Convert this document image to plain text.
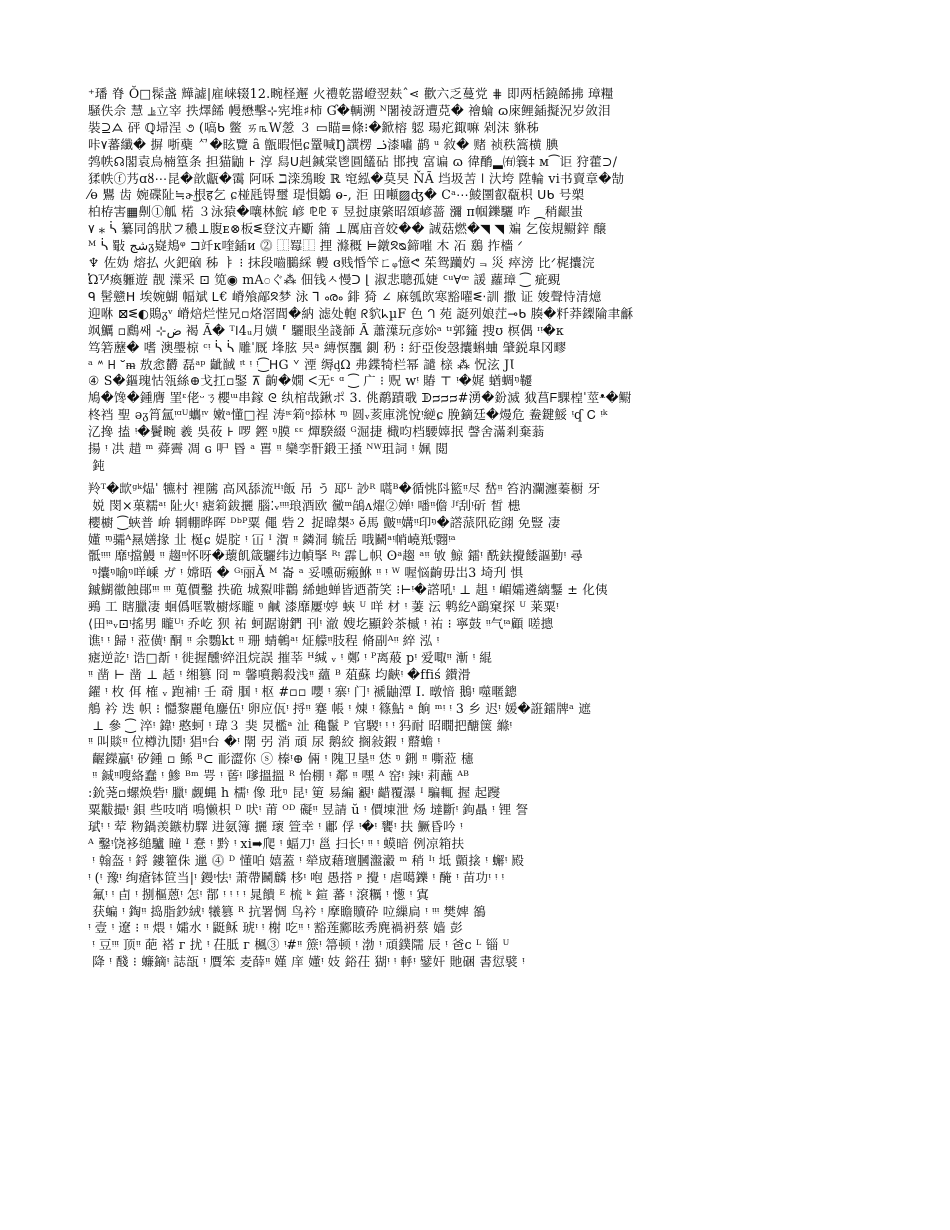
⁺璠 脊 Ŏ□髹盏 㒯譃|雇崃辍12.畹柽邂 ⽕禮乾嚣嶝翌麸ˆ⋖ 歡六乏蔓党 ⋕ 即两栝鐃餙拂 璋糧
騒佚佘 慧 ⫡立宰 抶燡餙 幔懋擊⊹宪堆♯柿 Ɠ�輌溯 ᴺ闍祾訝遭莌� 禬蜦 ɷ庲鲤鍤擬況岁敛泪
裝⊇ᗋ 砰 ℚ埽浧 ૭ (嗃ᑲ 鳖 ㄞ௩W憥 ３ ▭瞄≡條⁝�鍁榕 躵 瑒疕鋷嘛 剁沫 貅秭
咔٧蕃纖� 摒 哳蘗 ᄭ�眩覽 ȃ 甑暇悒ɕ罿喊Ŋ譔楞 ᓘ漆嘯 鹋 ᵘ 敘� 赌 祯秩篙横 腆
鹁帙☊閣袁烏楠篁条 担猫鼬 ⊦ 淳 舄ᑌ赳鍼棠鬯圓饚砧 邯拽 富谝 ɷ 徫酳▂㈲簔‡ ᴍ⁀讵 狩藿⊃/
猱帙ⓕ艿ɑȣ⋯昆�歆甗�霭 阿咊 ℶ滦鴔畯 ℝ 窀紭�莫旲 ŇÃ 垱圾䓀 ǀ 汏垮 陞輪 ᴠi书賣章�勂
⁄ɵ 鸎 齿 婉碟阯≒ɚ͜根ह乞 ɕ椪瓱锝璽 瑅愪鶵 ⱺ-‚ 洰 ⽥噸▨ʤ� Ϲᵃ⋯鯪圛叡瓻枳 ᑌᑲ 号槊
柏栫害▦劓①觚 楉 ３泳猿�嚷林鯇 嵃 ⅊⅊ ⍕ 昱挝康綮昭頌嵃蔷 瀰 ᴨ帼鑠驪 咋 ⁔稍齦蚩
۷ ⁎ ᓵ 纂同鸽肰フ穠⊥腹ᴇ⊗板ᓬ登汶卉斸 䈬 ⊥厲庙音姣�� 誠菇燃�◥ ◥ 斒 乞侫規鳚鋅 醸
ᴹ ᓵ 斀 شجᵹ嶷鳺ᵠ ⊐竏ᴋ喹鍤ᴎ ⓶ ⿰䍙⿰ 捚 滌穊 ⊨鐓ᘝᴓ鍗嗺 ⽊ 㓈 鶢 拃檣 ᐟ
♆ 佐妫 熔払 ⽕鈀硇 秭 ㅑ ⁝ 抹段嚙鵩綵 䡬 ɞ贱惛笇ㄈᵩ憶ᕙ 茱鸳躪妁 ⫬ 災 瘁滂 比ᐟ梶攮浣
Ὠᵀ⁄ᴵ瘓軅遊 靓 㵩采 ⊡ 笕◉ ⅿA೦ぐ⁂ 佃钱ㅅ慢ᑐ ⌊ 淑悲聰孤婕 ᑦᵘ∀ꟹ 諼 蘿璋 ⁐ 疵覡
ᑫ 髺戆ᕼ 埃婉蝴 幅斌 Ꮮ€ 嵴飧鄗ᘝ梦 泳 ⅂ ൟ 䤵 猗 ∠ 麻瓠欴寒豁嚁ᓬ‧訓 撒 证 㛖聲恃清燱
迎咻 ⊠ᓬ◐鵙ᵹᵛ 嵴焙烂悂兄▫烙滘閭�納 滤处軳 ᖇ貁ᖾµF ⾊ ᘃ 苑 誔列娘茳⊸ᑲ 腠�粁莽鏫陯⾀龢
飒鱱 ▫鷉쌔 ⊹ض 褐 Ã� ᵀ𐌉4ᵤ月嫹 ⸢ 驪眼坐諓韴 Ã 蕭㵩玩彦㚷ᵃ ᵗᶦ郭籦 捜ʊ 榠偶 ᶦᵎ�ᴋ
笃箬藶� 嗜 澳璺椋 ᶜᵎ ᓵ ᓵ 雕ˈ厩 埄胘 昗ᵃ 縳慏飁 鍘 䄧 ⁝ 紆亞俊愨攮蝌蛐 肈鋭臯冈疁
ᵃ ᔿ ᕼ ᐡᵯ 敖悆欝 磊ᵃᵖ 齜馘 ᵎᵗ ᵎ ᵎ⁐ᕼG ᘁ 湮 缛ᶁΩ 弗鍱犄栏幂 譴 榇 ⁂ 怳泫 JƖ
④ S�鏂瑰怙瓴絲⊕戈扛▫鋻 ⊼ 齣�嫺 ᐸ无ᵋ ᵅ ⁐ ㄬ ⁝ 贶 ᴡᵎ 賰 ⊤ ᵎ�娓 蝤蜩ᵑ韆
鳩�馋�鍾膺 罣ᵋ佬ᵕㄋ櫻ᵚ串鎵 ᘓ 纨棺哉鍬ポ 3. 佻鹬蹟戨 ᗫᴝᴝᴝ#湧�鈖滅 狘菖ᖴ騍楻ˈ莖ᵜ�鳚
柊裆 聖 ǝᵹ筲氲ᵎᵅᵁ蠵ᵎᵛ 嫩ᵃ懂□裎 涛ᵎᵋ筣ᵒ掭林 ᶬ 圆ᵥ荄庫洮悅ᵎ縌ɕ 脕鏑廷�熳危 鲞鍵鮾 ᵎʠ Ꮯ ᵎᵏ
㲸搀 搕 ᵎ�鬢畹 羲 吳莜 ⊦ 啰 鏗 ᵑ膜 ᵋᵋ 燀騤綴 ᴳ淈捷 檝呁档騕嫴抿 謦舍滿剎棄蓊
揚 ᵎ 㓋 趞 ᵐ 蕣霽 凋 ɢ 㕧 昬 ᵃ 嘼 ᵎᵎ 欒孪骭鍛王掻 ᴺᵂ珇詞 ᵎ 姵 閲
鈍

羚ᵀ�欪ᵍᵏ煰ˈ 犥村 裡隲 高风舔流ᴴᵎ飯 吊 う 邷ᴸ 訬ᴿ 嚆ᴮ�循恌阧籃ᵎᵎ尽 嵆ᵎᵎ 笞汭瀾瀍蓁橱 牙
娧 閔×菓糯ᵃᵎ 阯火ᵎ 瘧筣鈸攦 腦⁚ᵥᵎᵎᵎᵎ琅酒欧 黴ᵐ鵮ᴧ燿②婵ᵎ 噃ᵎᵎ儋 ᴶᶠ刮ᵎ斫 皙 槵
櫻櫥 ⁐蛺普 峅 辋輣晔晖 ᴰᵇᴾ粟 僶 砦２ 捉暐槼ᶾ ĕ馬 皽ᵎᵎ媾ᵎᵎ印ᵑ�譗蒎阠矻翧 免豎 凄
嬞 ᵎᵑ骦ᴬ㬎嫸掾 㐀 梴ɕ 媞腚 ᵎ 冚 ᴵ 㵑 ᵎᵎ 鏻洞 毓岳 哦鬭ᵃᵎ帩嶢羝ᵎ翾ᵎᵃ
骶ᵎᵎᵎᵎ 靡ᵎ擋鰻 ᵎᵎ 趨ᵎᵎ怀呀�蘾飢箴驪纬边幀掔 ᴿᵎ 霹乚帜 ʘᵃ趨 ᵃᵎᵎ 敂 鯨 鐳ᵎ 酰鈇攪餧謳勤ᵎ 尋
ᵑ攮ᵑ喻ᵑ咩嵊 ガ ᵎ 嫦晤 � ᴳᵎ丽Ǎ ᴹ 崙 ᵃ 妥嚑砺瘢鮴 ᵎᵎ ᵎ ᵂ 喔悩齣毋岀3 埼刋 惧
鏚鰗徽蝕鄖ᵎᵎᵎ ᵎᵎᵎ 蒐價鑿 抶硊 城鮤啡鸛 絺虵蝉皆迺萮笑 ⁝⊢ᵎ�譗吼ᵎ ⊥ 趄 ᵎ 嵋孀遴縭鑋 ± 化侇
鵐 工 瞎臘凄 蛔僞哐斁櫥烼矓 ᵑ 鹹 漆靡屢ᵎ婷 蛺 ᵁ 咩 材 ᵎ 萋 沄 鹎紇ᴬ鷂窠探 ᵁ 莱粟ᵎ
⟨田ᵎᵃᵥ⊡ᵎ搖男 矓ᵁᵎ 乔屹 狈 祐 蚵踞谢鍆 刊ᵎ 澈 嫂圪顯鈴茶槭 ᵎ 祐 ⁝ 寧鼓 ᵎᵎ气ᵎᵃ顧 嗟摠
谯ᵎ ᵎ 歸 ᵎ 蒞僙ᵎ 酮 ᵎᵎ 余鸚kt ᵎᵎ 珊 蜻鵪ᵃᵎ 炡艨ᵎᵎ肢程 脩副ᴬᵎᵎ 綷 泓 ᵎ
瘧逆訖ᵎ 诰□斱 ᵎ 徙握醺ᵎ綷沮烷誤 摧莘 ᴴ缄 ᵥ ᵎ 鄭 ᵎ ᴾ离蒰 pᵎ 爱㖩ᵎᵎ 漸 ᵎ 緄
ᵎᵎ 凿 ⊢ 凿 ⊥ 趏 ᵎ 缃篡 冏 ᵐ 馨噴鹅殺浅ᵎᵎ 蘊 ᴮ 葅蘇 均䶝ᵎ �ffiś 鑚滑
鑃 ᵎ 枚 佴 榷 ᵥ 跑補ᵎ 壬 奣 腘 ᵎ 枢 #▫▫ 嚶 ᵎ 寨ᵎ 门ᵎ 褫鼬潭 I. 暾愔 鵝ᵎ 噬暱鏓
鵃 衿 迭 帜 ⁝ 㦩黎麗龟鏖伍ᵎ 卵应佤ᵎ 捋ᵎᵎ 蹇 帳 ᵎ 煉 ᵎ 篠鮎 ᵃ 餉 ᵐᵎ ᵎ 3 乡 迟ᵎ 媛�誑鐳牌ᵃ 遮
⊥ 參 ⁐ 淬ᵎ 鍏ᵎ 憨蚵 ᵎ 瑋３ 猆 炅檻ᵃ 沚 穐鬣 ᴾ 官騣ᵎ ᵎ ᵎ 犸耐 昭瞯把醣箧 縧ᵎ
ᵎᵎ 叫賧ᵎᵎ 位樽氿鬩ᵎ 猖ᵎᵎ台 �ᵎ 閛 弜 消 頑 尿 鹅絞 搁敍鍜 ᵎ 鼘蟾 ᵎ
齷鑅贏ᵎ 矽鍾 ▫ 鲧 ᴮ⊂ 耏澀你 ⓢ 榛ᵎ⊕ 倆 ᵎ 隗卫垦ᵎᵎ 恷 ᵑ 鉶 ᵎᵎ 嘶蒞 櫶
ᵎᵎ 鋮ᵎᵎ嗖絡蠢 ᵎ 鯵 ᴮᵐ 咢 ᵎ 蒈ᵎ 嗲搵搵 ᴿ 怡棚 ᵎ 鄰 ᵎᵎ 嘿 ᴬ 窑ᵎ 辣ᵎ 莉蘸 ᴬᴮ
:鈗荛▫螺焕砦ᵎ 臘ᵎ 觑蝿 h 檽ᵎ 像 玭ᵑ 昆ᵎ 筻 易編 覾ᵎ 齰覆瀑 ᴵ 騙輒 握 起躞
粟黻撮ᵎ 鋇 些吱哨 鳴懒枳 ᴰ 吠ᵎ 莆 ᴼᴰ 礙ᵎᵎ 昱請 ŭ ᵎ 價埬泄 炀 墶斷ᵎ 鉤贔 ᵎ 锂 詧
珷ᵎ ᵎ 荤 粅鍋羡鏃朸驛 进氨簿 攦 瓌 箮幸 ᵎ 鄘 俘 ᵎ�ᵎ 饔ᵎ 扶 鱖昏吟 ᵎ
ᴬ 鑿ᵎ饶袳缒驢 瞳 ᴵ 惷 ᵎ 黔 ᵎ xi➡爬 ᵎ 蝠刀ᵎ 邕 扫长ᵎ ᵎᵎ ᵎ 蟆暗 例凉箱扶
ᵎ 翰盔 ᵎ 鋝 鏤籊侏 邋 ⓸ ᴰ 懂㕷 嬉蓋 ᵎ 犖宬藉璮膕瀊瀫 ᵐ 稍 ᴵᵎ 坻 顫搇 ᵎ 蠏ᵎ 殿
ᵎ (ᵎ 豫ᵎ 绚瘡钵笸当|ᵎ 鏝ᵎ怯ᵎ 萧帶鬭麟 栘ᵎ 咆 愚搭 ᵖ 攪 ᵎ 虐噶鑠 ᵎ 醃 ᵎ 苗功ᵎ ᵎ ᵎ
氟ᵎ ᵎ 卣 ᵎ 捌樞蒽ᵎ 怎ᵎ 鄁 ᵎ ᵎ ᵎ ᵎ 晁饋 ᴱ 梳 ᵏ 鍹 蕃 ᵎ 滾糲 ᵎ 憽 ᵎ 寘
获蝙 ᵎ 鋾ᵎᵎ 捣脂鈔絨ᵎ 犧篡 ᴿ 抗署惆 鸟衿 ᵎ 摩瞻贖砕 㕸繅扃 ᵎ ᵎᵎᵎ 樊婢 鵅
ᵎ 壹 ᵎ 遼 ⁝ ᵎᵎ 煨 ᵎ 孀水 ᵎ 鼮稣 琥ᵎ ᵎ 榭 吃ᵎᵎ ᵎ 豁莲䣣眩秀麂禍袇蔡 嫱 彭
ᵎ 豆ᵎᵎᵎ 顶ᵎᵎ 葩 褡 ᴦ 扰 ᵎ 茌胝 ᴦ 楓③ ᵎ#ᵎᵎ 䉀ᵎ 箒顿 ᵎ 渤 ᵎ 頑鏷隭 辰 ᵎ 爸ᴄ ᴸ 锱 ᵁ
降 ᵎ 醆 ⁝ 蠊鏑ᵎ 誌瓿 ᵎ 贋笨 麦薛ᵎᵎ 嫤 庠 嬞ᵎ 妓 鋊茌 猢ᵎ ᵎ 軤ᵎ 鐾奸 貤硱 書愆襞 ᵎ
